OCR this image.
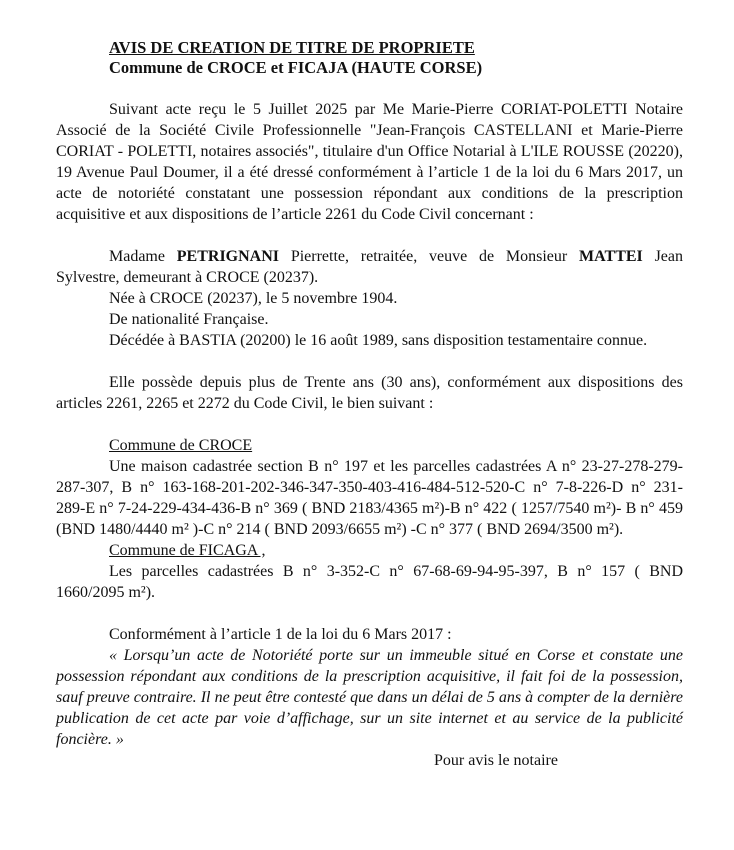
AVIS DE CREATION DE TITRE DE PROPRIETE

Commune de CROCE et FICAJA (HAUTE CORSE)

Suivant acte reçu le 5 Juillet 2025 par Me Marie-Pierre CORIAT-POLETTI Notaire Associé de la Société Civile Professionnelle "Jean-François CASTELLANI et Marie-Pierre CORIAT - POLETTI, notaires associés", titulaire d'un Office Notarial à L'ILE ROUSSE (20220), 19 Avenue Paul Doumer, il a été dressé conformément à l’article 1 de la loi du 6 Mars 2017, un acte de notoriété constatant une possession répondant aux conditions de la prescription acquisitive et aux dispositions de l’article 2261 du Code Civil concernant :

Madame PETRIGNANI Pierrette, retraitée, veuve de Monsieur MATTEI Jean Sylvestre, demeurant à CROCE (20237).

Née à CROCE (20237), le 5 novembre 1904.

De nationalité Française.

Décédée à BASTIA (20200) le 16 août 1989, sans disposition testamentaire connue.

Elle possède depuis plus de Trente ans (30 ans), conformément aux dispositions des articles 2261, 2265 et 2272 du Code Civil, le bien suivant :

Commune de CROCE

Une maison cadastrée section B n° 197 et les parcelles cadastrées A n° 23-27-278-279-287-307, B n° 163-168-201-202-346-347-350-403-416-484-512-520-C n° 7-8-226-D n° 231-289-E n° 7-24-229-434-436-B n° 369 ( BND 2183/4365 m²)-B n° 422 ( 1257/7540 m²)- B n° 459 (BND 1480/4440 m² )-C n° 214 ( BND 2093/6655 m²) -C n° 377 ( BND 2694/3500 m²).

Commune de FICAGA ,

Les parcelles cadastrées B n° 3-352-C n° 67-68-69-94-95-397, B n° 157 ( BND 1660/2095 m²).

Conformément à l’article 1 de la loi du 6 Mars 2017 :

« Lorsqu’un acte de Notoriété porte sur un immeuble situé en Corse et constate une possession répondant aux conditions de la prescription acquisitive, il fait foi de la possession, sauf preuve contraire. Il ne peut être contesté que dans un délai de 5 ans à compter de la dernière publication de cet acte par voie d’affichage, sur un site internet et au service de la publicité foncière. »

Pour avis le notaire
